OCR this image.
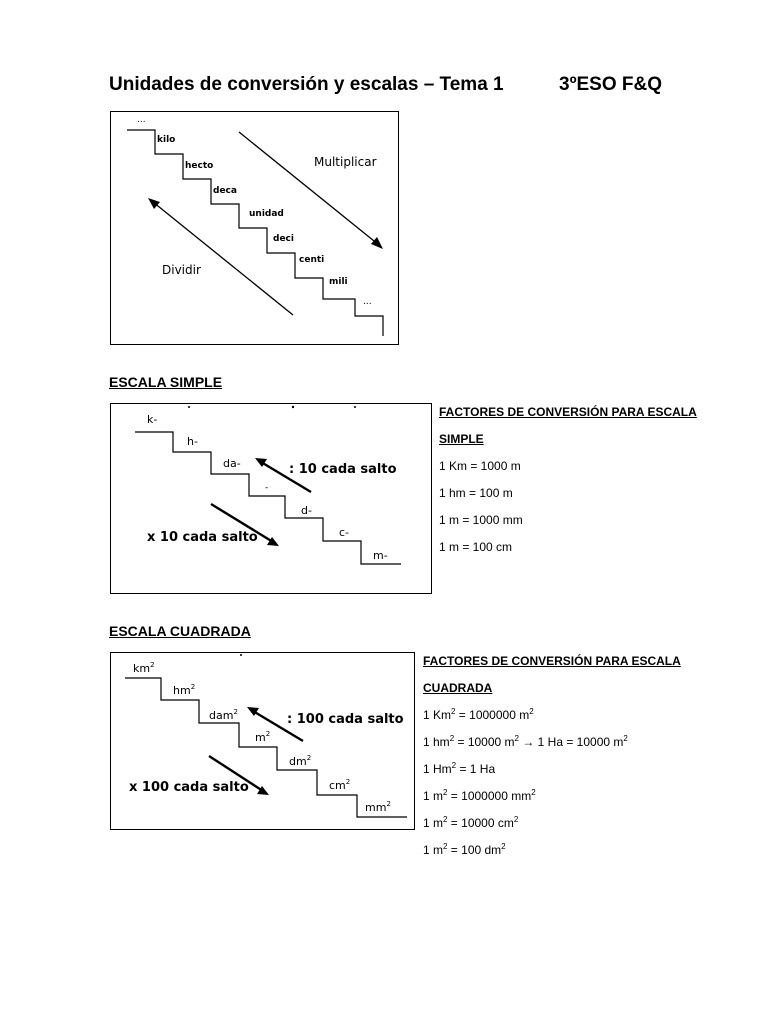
Unidades de conversión y escalas – Tema 1	3ºESO F&Q
...
kilo
hecto
deca
unidad
deci
centi
mili
...
Multiplicar
Dividir
ESCALA SIMPLE
k-
h-
da-
-
d-
c-
m-
: 10 cada salto
x 10 cada salto
FACTORES DE CONVERSIÓN PARA ESCALA
SIMPLE
1 Km = 1000 m
1 hm = 100 m
1 m = 1000 mm
1 m = 100 cm
ESCALA CUADRADA
$km^2$
$hm^2$
dam$^2$
$m^2$
$dm^2$
$cm^2$
$mm^2$
: 100 cada salto
x 100 cada salto
FACTORES DE CONVERSIÓN PARA ESCALA
CUADRADA
1 $Km^2 = 1000000$ $m^2$
1 $hm^2 = 10000$ $m^2 \to 1$ Ha = 10000 $m^2$
1 $Hm^2 = 1$ Ha
1 $m^2 = 1000000$ $mm^2$
1 $m^2 = 10000$ $cm^2$
1 $m^2 = 100$ $dm^2$
